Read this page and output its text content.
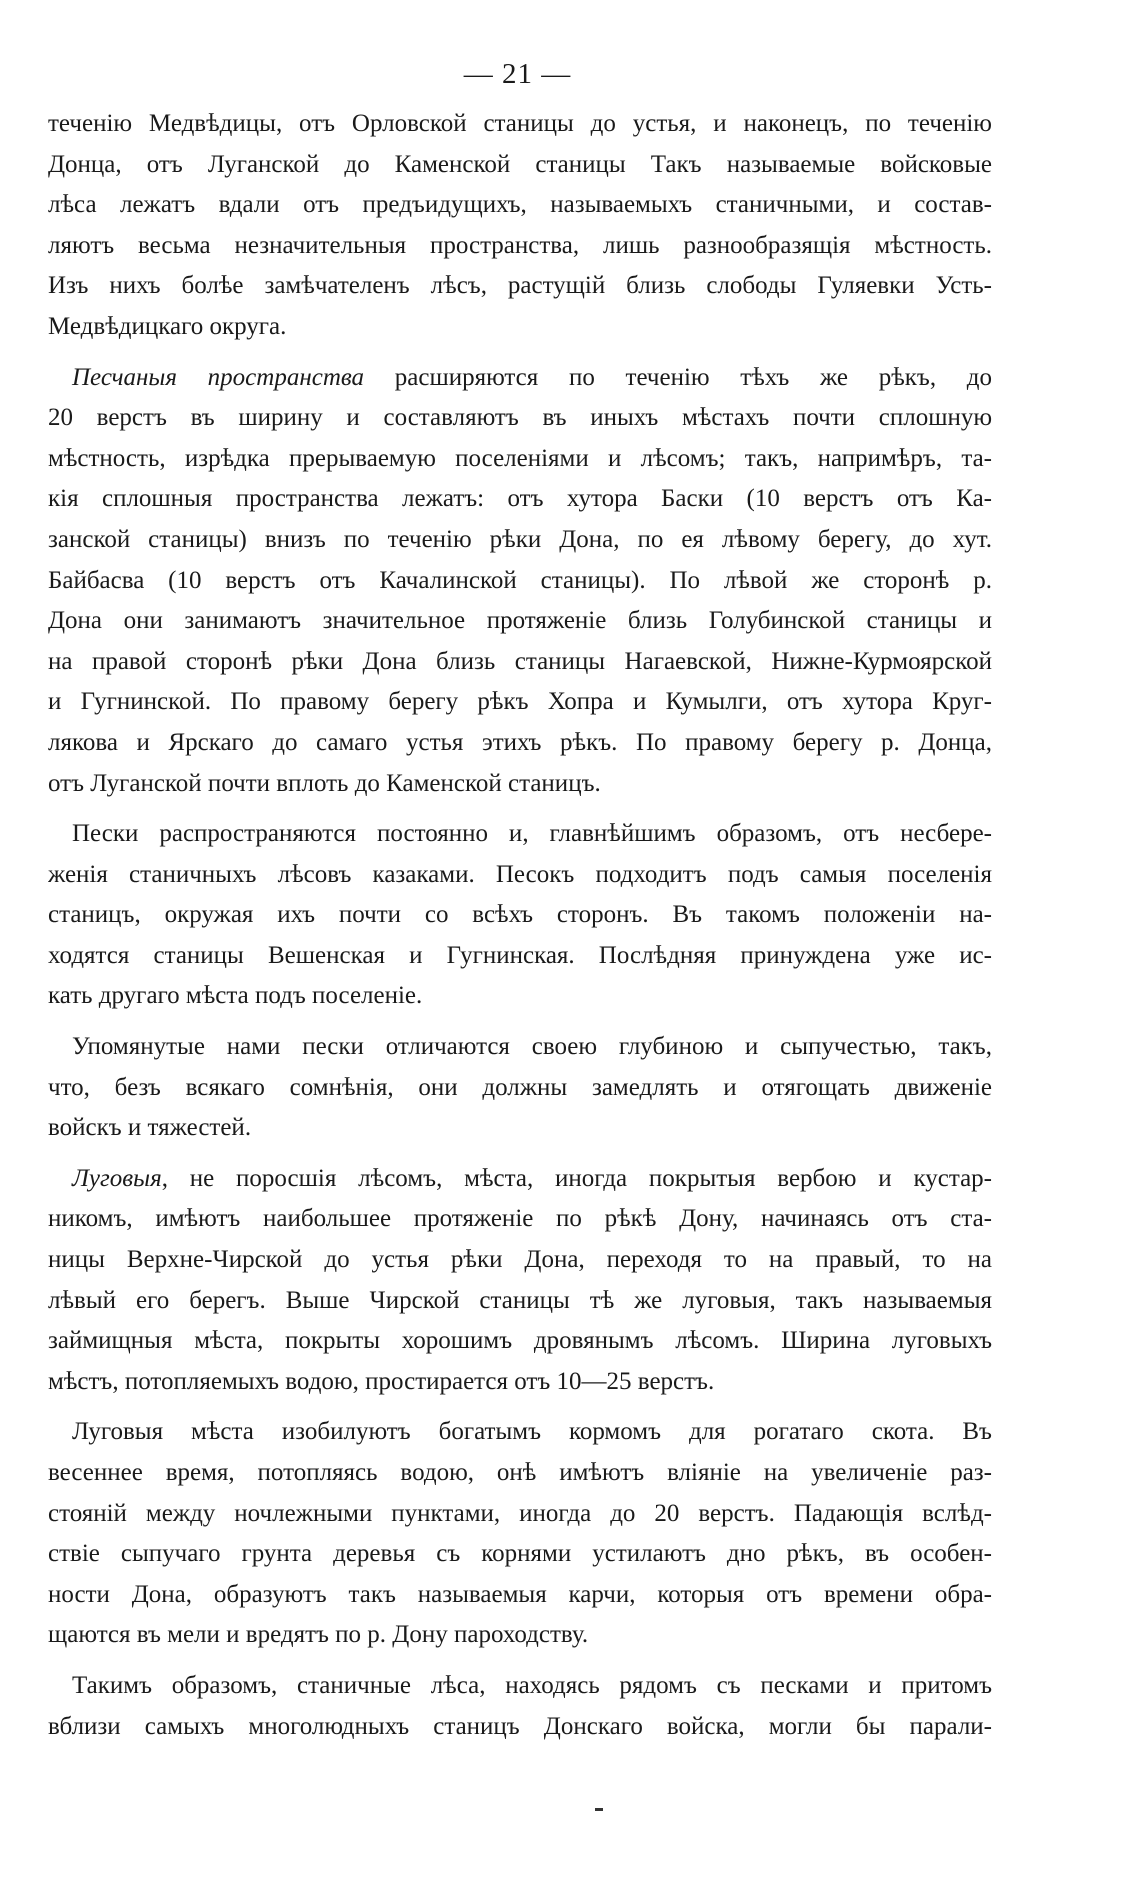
— 21 —
теченію Медвѣдицы, отъ Орловской станицы до устья, и наконецъ, по теченію
Донца, отъ Луганской до Каменской станицы Такъ называемые войсковые
лѣса лежатъ вдали отъ предъидущихъ, называемыхъ станичными, и состав-
ляютъ весьма незначительныя пространства, лишь разнообразящія мѣстность.
Изъ нихъ болѣе замѣчателенъ лѣсъ, растущій близь слободы Гуляевки Усть-
Медвѣдицкаго округа.
Песчаныя пространства расширяются по теченію тѣхъ же рѣкъ, до
20 верстъ въ ширину и составляютъ въ иныхъ мѣстахъ почти сплошную
мѣстность, изрѣдка прерываемую поселеніями и лѣсомъ; такъ, напримѣръ, та-
кія сплошныя пространства лежатъ: отъ хутора Баски (10 верстъ отъ Ка-
занской станицы) внизъ по теченію рѣки Дона, по ея лѣвому берегу, до хут.
Байбасва (10 верстъ отъ Качалинской станицы). По лѣвой же сторонѣ р.
Дона они занимаютъ значительное протяженіе близь Голубинской станицы и
на правой сторонѣ рѣки Дона близь станицы Нагаевской, Нижне-Курмоярской
и Гугнинской. По правому берегу рѣкъ Хопра и Кумылги, отъ хутора Круг-
лякова и Ярскаго до самаго устья этихъ рѣкъ. По правому берегу р. Донца,
отъ Луганской почти вплоть до Каменской станицъ.
Пески распространяются постоянно и, главнѣйшимъ образомъ, отъ несбере-
женія станичныхъ лѣсовъ казаками. Песокъ подходитъ подъ самыя поселенія
станицъ, окружая ихъ почти со всѣхъ сторонъ. Въ такомъ положеніи на-
ходятся станицы Вешенская и Гугнинская. Послѣдняя принуждена уже ис-
кать другаго мѣста подъ поселеніе.
Упомянутые нами пески отличаются своею глубиною и сыпучестью, такъ,
что, безъ всякаго сомнѣнія, они должны замедлять и отягощать движеніе
войскъ и тяжестей.
Луговыя, не поросшія лѣсомъ, мѣста, иногда покрытыя вербою и кустар-
никомъ, имѣютъ наибольшее протяженіе по рѣкѣ Дону, начинаясь отъ ста-
ницы Верхне-Чирской до устья рѣки Дона, переходя то на правый, то на
лѣвый его берегъ. Выше Чирской станицы тѣ же луговыя, такъ называемыя
займищныя мѣста, покрыты хорошимъ дровянымъ лѣсомъ. Ширина луговыхъ
мѣстъ, потопляемыхъ водою, простирается отъ 10—25 верстъ.
Луговыя мѣста изобилуютъ богатымъ кормомъ для рогатаго скота. Въ
весеннее время, потопляясь водою, онѣ имѣютъ вліяніе на увеличеніе раз-
стояній между ночлежными пунктами, иногда до 20 верстъ. Падающія вслѣд-
ствіе сыпучаго грунта деревья съ корнями устилаютъ дно рѣкъ, въ особен-
ности Дона, образуютъ такъ называемыя карчи, которыя отъ времени обра-
щаются въ мели и вредятъ по р. Дону пароходству.
Такимъ образомъ, станичные лѣса, находясь рядомъ съ песками и притомъ
вблизи самыхъ многолюдныхъ станицъ Донскаго войска, могли бы парали-
